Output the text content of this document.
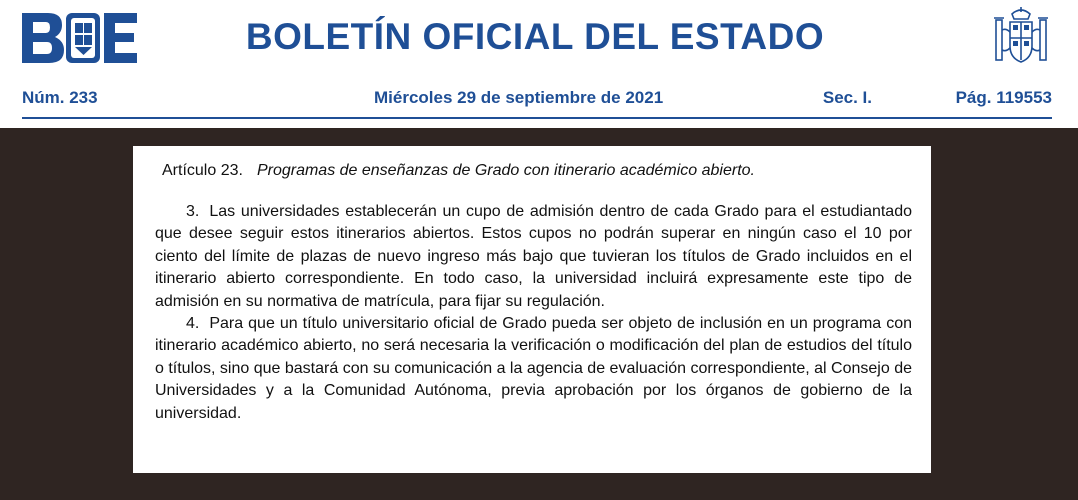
BOLETÍN OFICIAL DEL ESTADO
Núm. 233	Miércoles 29 de septiembre de 2021	Sec. I.	Pág. 119553
Artículo 23. Programas de enseñanzas de Grado con itinerario académico abierto.

3. Las universidades establecerán un cupo de admisión dentro de cada Grado para el estudiantado que desee seguir estos itinerarios abiertos. Estos cupos no podrán superar en ningún caso el 10 por ciento del límite de plazas de nuevo ingreso más bajo que tuvieran los títulos de Grado incluidos en el itinerario abierto correspondiente. En todo caso, la universidad incluirá expresamente este tipo de admisión en su normativa de matrícula, para fijar su regulación.

4. Para que un título universitario oficial de Grado pueda ser objeto de inclusión en un programa con itinerario académico abierto, no será necesaria la verificación o modificación del plan de estudios del título o títulos, sino que bastará con su comunicación a la agencia de evaluación correspondiente, al Consejo de Universidades y a la Comunidad Autónoma, previa aprobación por los órganos de gobierno de la universidad.
